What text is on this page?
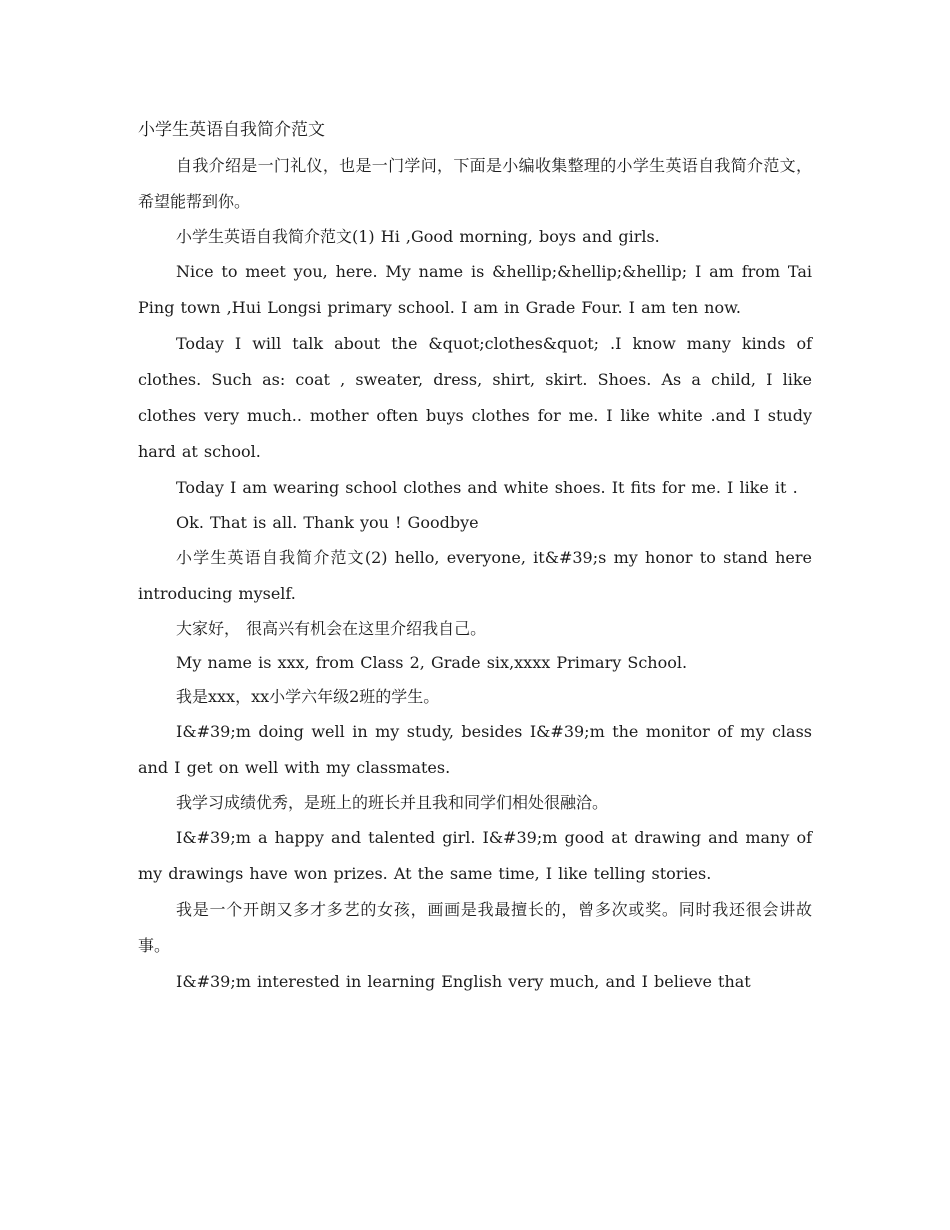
小学生英语自我简介范文

自我介绍是一门礼仪，也是一门学问，下面是小编收集整理的小学生英语自我简介范文，希望能帮到你。

小学生英语自我简介范文(1) Hi ,Good morning, boys and girls.

Nice to meet you, here. My name is &hellip;&hellip;&hellip; I am from Tai Ping town ,Hui Longsi primary school. I am in Grade Four. I am ten now.

Today I will talk about the &quot;clothes&quot; .I know many kinds of clothes. Such as: coat , sweater, dress, shirt, skirt. Shoes. As a child, I like clothes very much.. mother often buys clothes for me. I like white .and I study hard at school.

Today I am wearing school clothes and white shoes. It fits for me. I like it .

Ok. That is all. Thank you ! Goodbye

小学生英语自我简介范文(2) hello, everyone, it&#39;s my honor to stand here introducing myself.

大家好， 很高兴有机会在这里介绍我自己。

My name is xxx, from Class 2, Grade six,xxxx Primary School.

我是xxx，xx小学六年级2班的学生。

I&#39;m doing well in my study, besides I&#39;m the monitor of my class and I get on well with my classmates.

我学习成绩优秀，是班上的班长并且我和同学们相处很融洽。

I&#39;m a happy and talented girl. I&#39;m good at drawing and many of my drawings have won prizes. At the same time, I like telling stories.

我是一个开朗又多才多艺的女孩，画画是我最擅长的，曾多次或奖。同时我还很会讲故事。

I&#39;m interested in learning English very much, and I believe that
